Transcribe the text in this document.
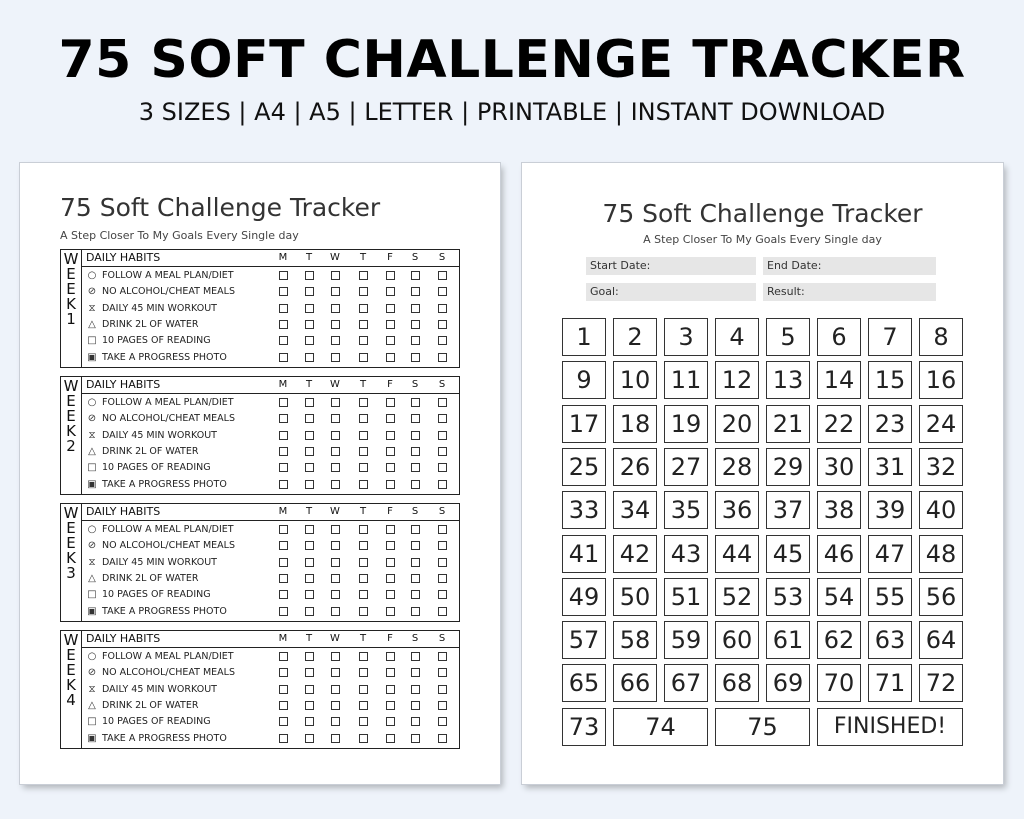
75 SOFT CHALLENGE TRACKER
3 SIZES | A4 | A5 | LETTER | PRINTABLE | INSTANT DOWNLOAD
75 Soft Challenge Tracker
A Step Closer To My Goals Every Single day
W
E
E
K
1
DAILY HABITS	M	T	W	T	F	S	S
○ FOLLOW A MEAL PLAN/DIET
⊘ NO ALCOHOL/CHEAT MEALS
⧖ DAILY 45 MIN WORKOUT
△ DRINK 2L OF WATER
□ 10 PAGES OF READING
▣ TAKE A PROGRESS PHOTO
W
E
E
K
2
DAILY HABITS	M	T	W	T	F	S	S
○ FOLLOW A MEAL PLAN/DIET
⊘ NO ALCOHOL/CHEAT MEALS
⧖ DAILY 45 MIN WORKOUT
△ DRINK 2L OF WATER
□ 10 PAGES OF READING
▣ TAKE A PROGRESS PHOTO
W
E
E
K
3
DAILY HABITS	M	T	W	T	F	S	S
○ FOLLOW A MEAL PLAN/DIET
⊘ NO ALCOHOL/CHEAT MEALS
⧖ DAILY 45 MIN WORKOUT
△ DRINK 2L OF WATER
□ 10 PAGES OF READING
▣ TAKE A PROGRESS PHOTO
W
E
E
K
4
DAILY HABITS	M	T	W	T	F	S	S
○ FOLLOW A MEAL PLAN/DIET
⊘ NO ALCOHOL/CHEAT MEALS
⧖ DAILY 45 MIN WORKOUT
△ DRINK 2L OF WATER
□ 10 PAGES OF READING
▣ TAKE A PROGRESS PHOTO
75 Soft Challenge Tracker
A Step Closer To My Goals Every Single day
Start Date:	End Date:
Goal:	Result:
1	2	3	4	5	6	7	8
9	10 11 12 13 14 15 16
17 18 19 20 21 22 23 24
25 26 27 28 29 30 31 32
33 34 35 36 37 38 39 40
41 42 43 44 45 46 47 48
49 50 51 52 53 54 55 56
57 58 59 60 61 62 63 64
65 66 67 68 69 70 71 72
73	74	75	FINISHED!
